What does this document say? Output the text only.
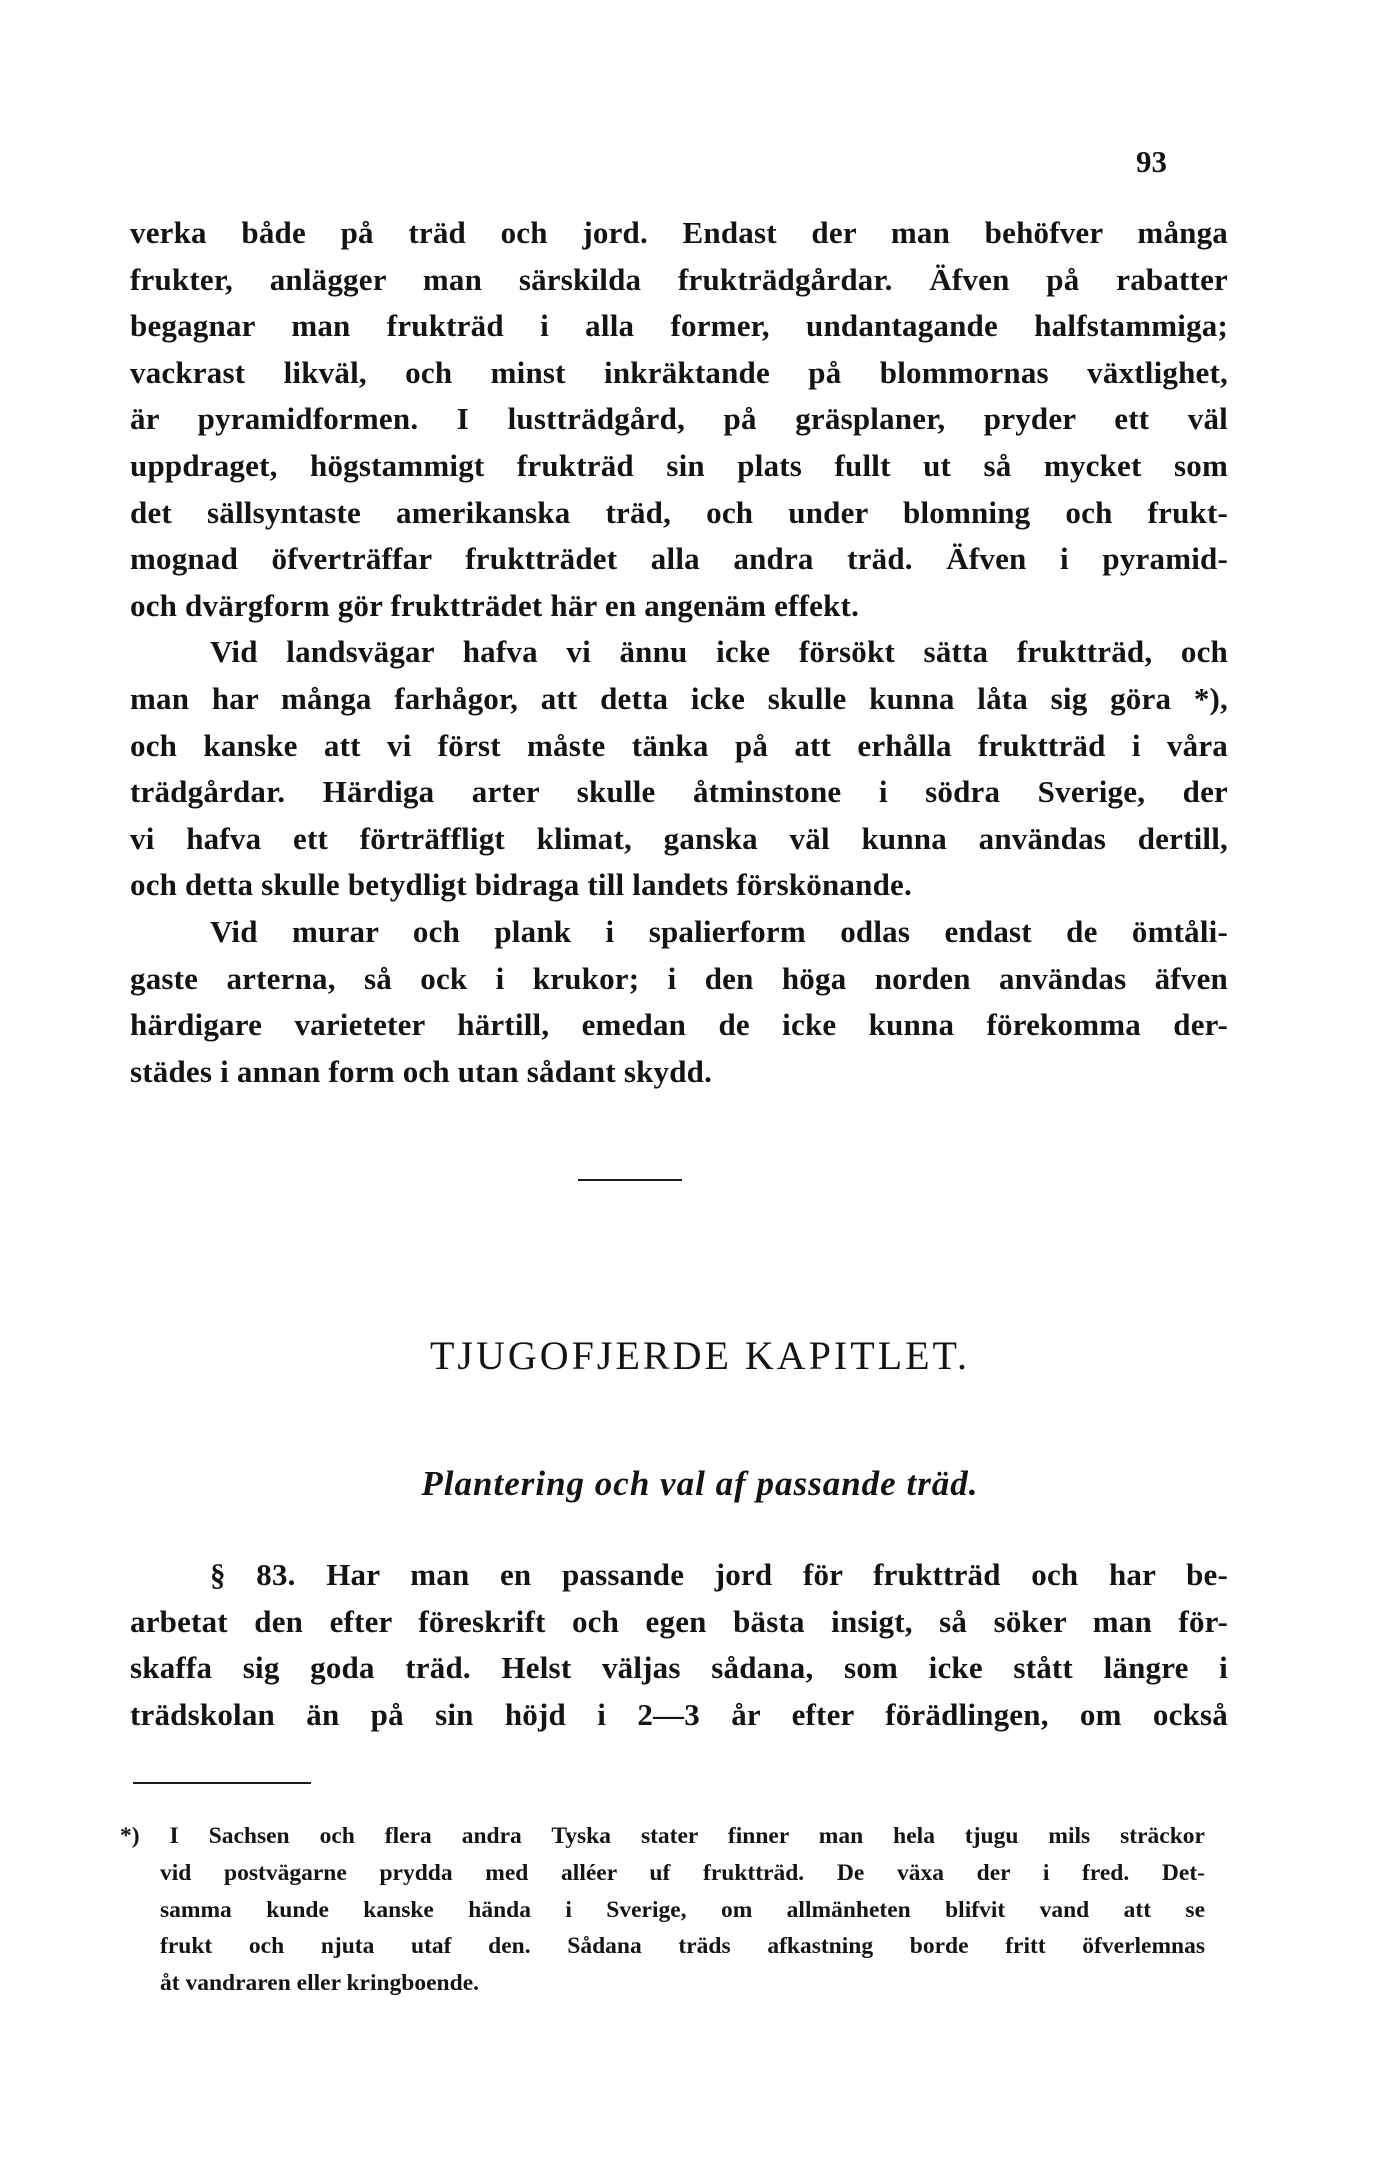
93
verka både på träd och jord. Endast der man behöfver många
frukter, anlägger man särskilda frukträdgårdar. Äfven på rabatter
begagnar man frukträd i alla former, undantagande halfstammiga;
vackrast likväl, och minst inkräktande på blommornas växtlighet,
är pyramidformen. I lustträdgård, på gräsplaner, pryder ett väl
uppdraget, högstammigt frukträd sin plats fullt ut så mycket som
det sällsyntaste amerikanska träd, och under blomning och frukt-
mognad öfverträffar fruktträdet alla andra träd. Äfven i pyramid-
och dvärgform gör fruktträdet här en angenäm effekt.
Vid landsvägar hafva vi ännu icke försökt sätta fruktträd, och
man har många farhågor, att detta icke skulle kunna låta sig göra *),
och kanske att vi först måste tänka på att erhålla fruktträd i våra
trädgårdar. Härdiga arter skulle åtminstone i södra Sverige, der
vi hafva ett förträffligt klimat, ganska väl kunna användas dertill,
och detta skulle betydligt bidraga till landets förskönande.
Vid murar och plank i spalierform odlas endast de ömtåli-
gaste arterna, så ock i krukor; i den höga norden användas äfven
härdigare varieteter härtill, emedan de icke kunna förekomma der-
städes i annan form och utan sådant skydd.
TJUGOFJERDE KAPITLET.
Plantering och val af passande träd.
§ 83. Har man en passande jord för fruktträd och har be-
arbetat den efter föreskrift och egen bästa insigt, så söker man för-
skaffa sig goda träd. Helst väljas sådana, som icke stått längre i
trädskolan än på sin höjd i 2—3 år efter förädlingen, om också
*) I Sachsen och flera andra Tyska stater finner man hela tjugu mils sträckor
vid postvägarne prydda med alléer uf fruktträd. De växa der i fred. Det-
samma kunde kanske hända i Sverige, om allmänheten blifvit vand att se
frukt och njuta utaf den. Sådana träds afkastning borde fritt öfverlemnas
åt vandraren eller kringboende.
